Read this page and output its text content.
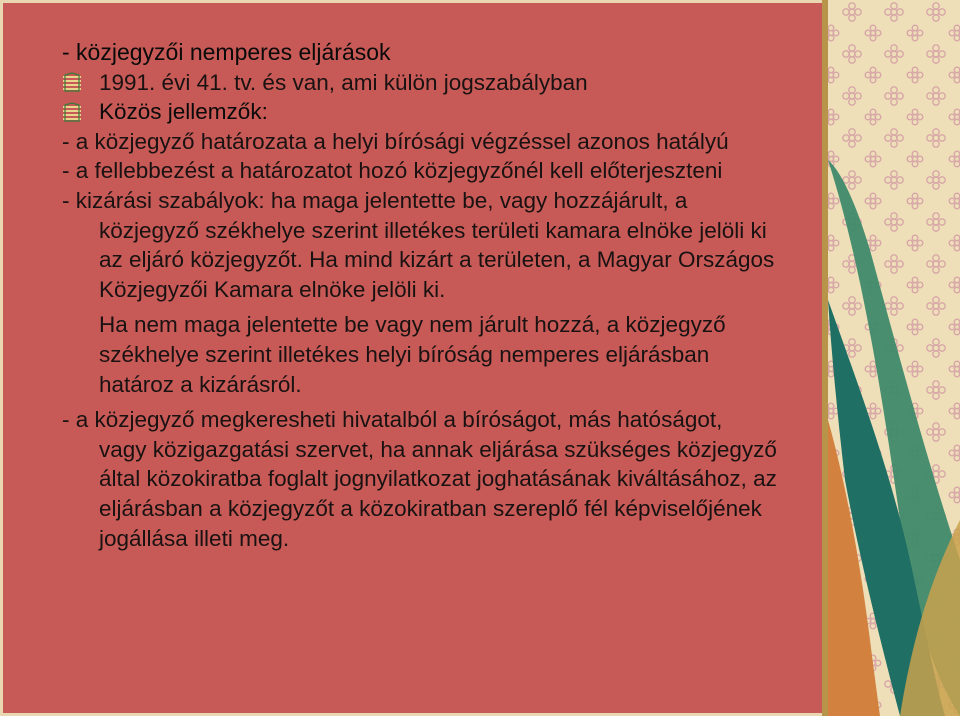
- közjegyzői nemperes eljárások
1991. évi 41. tv. és van, ami külön jogszabályban
Közös jellemzők:
- a közjegyző határozata a helyi bírósági végzéssel azonos hatályú
- a fellebbezést a határozatot hozó közjegyzőnél kell előterjeszteni
- kizárási szabályok: ha maga jelentette be, vagy hozzájárult, a
közjegyző székhelye szerint illetékes területi kamara elnöke jelöli ki
az eljáró közjegyzőt. Ha mind kizárt a területen, a Magyar Országos
Közjegyzői Kamara elnöke jelöli ki.
Ha nem maga jelentette be vagy nem járult hozzá, a közjegyző
székhelye szerint illetékes helyi bíróság nemperes eljárásban
határoz a kizárásról.
- a közjegyző megkeresheti hivatalból a bíróságot, más hatóságot,
vagy közigazgatási szervet, ha annak eljárása szükséges közjegyző
által közokiratba foglalt jognyilatkozat joghatásának kiváltásához, az
eljárásban a közjegyzőt a közokiratban szereplő fél képviselőjének
jogállása illeti meg.
